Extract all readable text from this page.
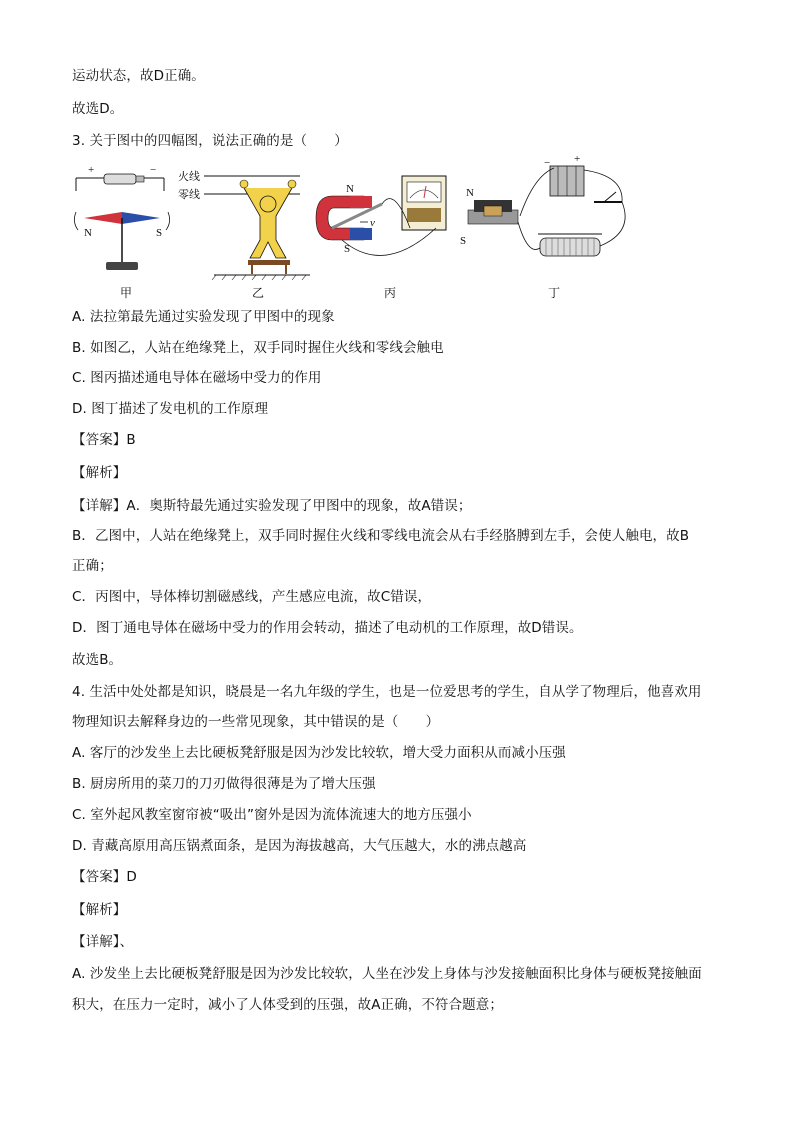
运动状态，故D正确。
故选D。
3. 关于图中的四幅图，说法正确的是（　　）
+	−
N	S
火线
零线	N
S
v
N
S
− +
甲	乙	丙	丁
A. 法拉第最先通过实验发现了甲图中的现象
B. 如图乙，人站在绝缘凳上，双手同时握住火线和零线会触电
C. 图丙描述通电导体在磁场中受力的作用
D. 图丁描述了发电机的工作原理
【答案】B
【解析】
【详解】A．奥斯特最先通过实验发现了甲图中的现象，故A错误；
B．乙图中，人站在绝缘凳上，双手同时握住火线和零线电流会从右手经胳膊到左手，会使人触电，故B
正确；
C．丙图中，导体棒切割磁感线，产生感应电流，故C错误，
D．图丁通电导体在磁场中受力的作用会转动，描述了电动机的工作原理，故D错误。
故选B。
4. 生活中处处都是知识，晓晨是一名九年级的学生，也是一位爱思考的学生，自从学了物理后，他喜欢用
物理知识去解释身边的一些常见现象，其中错误的是（　　）
A. 客厅的沙发坐上去比硬板凳舒服是因为沙发比较软，增大受力面积从而减小压强
B. 厨房所用的菜刀的刀刃做得很薄是为了增大压强
C. 室外起风教室窗帘被“吸出”窗外是因为流体流速大的地方压强小
D. 青藏高原用高压锅煮面条，是因为海拔越高，大气压越大，水的沸点越高
【答案】D
【解析】
【详解】、
A. 沙发坐上去比硬板凳舒服是因为沙发比较软，人坐在沙发上身体与沙发接触面积比身体与硬板凳接触面
积大，在压力一定时，减小了人体受到的压强，故A正确，不符合题意；
